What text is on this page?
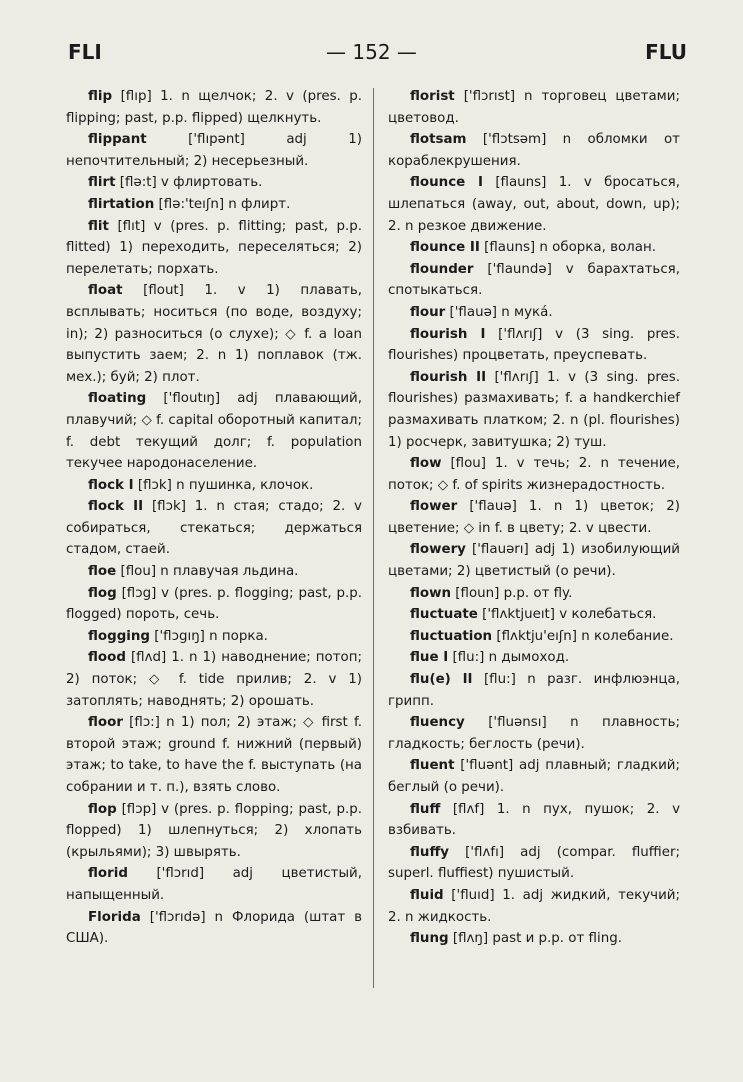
FLI	— 152 —	FLU

flip [flıp] 1. n щелчок; 2. v (pres. p. flipping; past, p.p. flipped) щелкнуть.

flippant	['flıpənt] adj 1) непочтительный; 2) несерьезный.

flirt [flə:t] v флиртовать.

flirtation [flə:'teıʃn] n флирт.

flit [flıt] v (pres. p. flitting; past, p.p. flitted) 1) переходить, переселяться; 2) перелетать; порхать.

float [flout] 1. v 1) плавать, всплывать; носиться (по воде, воздуху; in); 2) разноситься (о слухе); ◇ f. a loan выпустить заем; 2. n 1) поплавок (тж. мех.); буй; 2) плот.

floating ['floutıŋ] adj плавающий, плавучий; ◇ f. capital оборотный капитал; f. debt текущий долг; f. population текучее народонаселение.

flock I [flɔk] n пушинка, клочок.

flock II [flɔk] 1. n стая; стадо; 2. v собираться, стекаться; держаться стадом, стаей.

floe [flou] n плавучая льдина.

flog [flɔg] v (pres. p. flogging; past, p.p. flogged) пороть, сечь.

flogging ['flɔgıŋ] n порка.

flood [flʌd] 1. n 1) наводнение; потоп; 2) поток; ◇ f. tide прилив; 2. v 1) затоплять; наводнять; 2) орошать.

floor [flɔ:] n 1) пол; 2) этаж; ◇ first f. второй этаж; ground f. нижний (первый) этаж; to take, to have the f. выступать (на собрании и т. п.), взять слово.

flop [flɔp] v (pres. p. flopping; past, p.p. flopped) 1) шлепнуться; 2) хлопать (крыльями); 3) швырять.

florid ['flɔrıd] adj цветистый, напыщенный.

Florida ['flɔrıdə] n Флорида (штат в США).

florist ['flɔrıst] n торговец цветами; цветовод.

flotsam ['flɔtsəm] n обломки от кораблекрушения.

flounce I [flauns] 1. v бросаться, шлепаться (away, out, about, down, up); 2. n резкое движение.

flounce II [flauns] n оборка, волан.

flounder ['flaundə] v барахтаться, спотыкаться.

flour ['flauə] n мука́.

flourish I ['flʌrıʃ] v (3 sing. pres. flourishes) процветать, преуспевать.

flourish II ['flʌrıʃ] 1. v (3 sing. pres. flourishes) размахивать; f. a handkerchief размахивать платком; 2. n (pl. flourishes) 1) росчерк, завитушка; 2) туш.

flow [flou] 1. v течь; 2. n течение, поток; ◇ f. of spirits жизнерадостность.

flower ['flauə] 1. n 1) цветок; 2) цветение; ◇ in f. в цвету; 2. v цвести.

flowery ['flauərı] adj 1) изобилующий цветами; 2) цветистый (о речи).

flown [floun] p.p. от fly.

fluctuate ['flʌktjueıt] v колебаться.

fluctuation [flʌktju'eıʃn] n колебание.

flue I [flu:] n дымоход.

flu(e) II [flu:] n разг. инфлюэнца, грипп.

fluency ['fluənsı] n плавность; гладкость; беглость (речи).

fluent ['fluənt] adj плавный; гладкий; беглый (о речи).

fluff [flʌf] 1. n пух, пушок; 2. v взбивать.

fluffy ['flʌfı] adj (compar. fluffier; superl. fluffiest) пушистый.

fluid ['fluıd] 1. adj жидкий, текучий; 2. n жидкость.

flung [flʌŋ] past и p.p. от fling.
